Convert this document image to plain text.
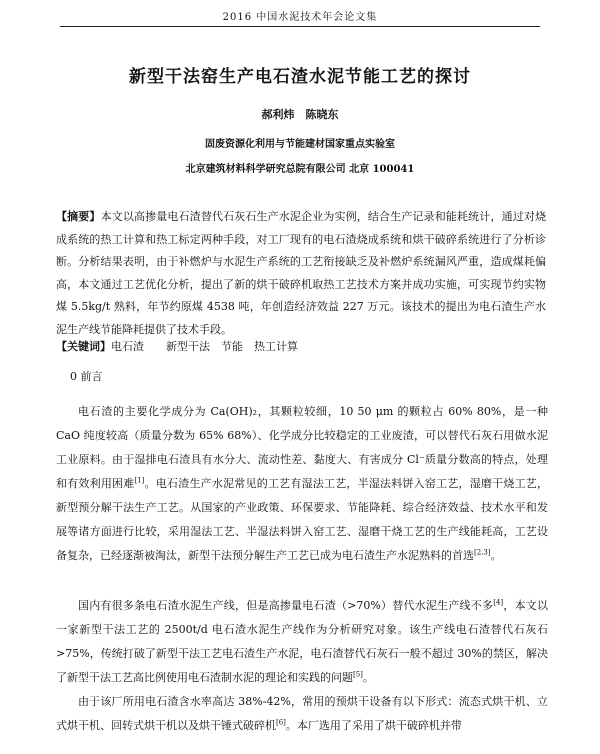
2016 中国水泥技术年会论文集
新型干法窑生产电石渣水泥节能工艺的探讨
郝利炜　陈晓东
固废资源化利用与节能建材国家重点实验室
北京建筑材料科学研究总院有限公司 北京 100041

【摘要】本文以高掺量电石渣替代石灰石生产水泥企业为实例，结合生产记录和能耗统计，通过对烧成系统的热工计算和热工标定两种手段，对工厂现有的电石渣烧成系统和烘干破碎系统进行了分析诊断。分析结果表明，由于补燃炉与水泥生产系统的工艺衔接缺乏及补燃炉系统漏风严重，造成煤耗偏高，本文通过工艺优化分析，提出了新的烘干破碎机取热工艺技术方案并成功实施，可实现节约实物煤 5.5kg/t 熟料，年节约原煤 4538 吨，年创造经济效益 227 万元。该技术的提出为电石渣生产水泥生产线节能降耗提供了技术手段。

【关键词】电石渣　　新型干法　节能　热工计算

0 前言

电石渣的主要化学成分为 Ca(OH)₂，其颗粒较细，10 50 μm 的颗粒占 60% 80%，是一种 CaO 纯度较高（质量分数为 65% 68%）、化学成分比较稳定的工业废渣，可以替代石灰石用做水泥工业原料。由于湿排电石渣具有水分大、流动性差、黏度大、有害成分 Cl⁻质量分数高的特点，处理和有效利用困难[1]。电石渣生产水泥常见的工艺有湿法工艺，半湿法料饼入窑工艺，湿磨干烧工艺，新型预分解干法生产工艺。从国家的产业政策、环保要求、节能降耗、综合经济效益、技术水平和发展等诸方面进行比较，采用湿法工艺、半湿法料饼入窑工艺、湿磨干烧工艺的生产线能耗高，工艺设备复杂，已经逐渐被淘汰，新型干法预分解生产工艺已成为电石渣生产水泥熟料的首选[2,3]。

国内有很多条电石渣水泥生产线，但是高掺量电石渣（>70%）替代水泥生产线不多[4]，本文以一家新型干法工艺的 2500t/d 电石渣水泥生产线作为分析研究对象。该生产线电石渣替代石灰石>75%，传统打破了新型干法工艺电石渣生产水泥，电石渣替代石灰石一般不超过 30%的禁区，解决了新型干法工艺高比例使用电石渣制水泥的理论和实践的问题[5]。

由于该厂所用电石渣含水率高达 38%-42%，常用的预烘干设备有以下形式：流态式烘干机、立式烘干机、回转式烘干机以及烘干锤式破碎机[6]。本厂选用了采用了烘干破碎机并带
